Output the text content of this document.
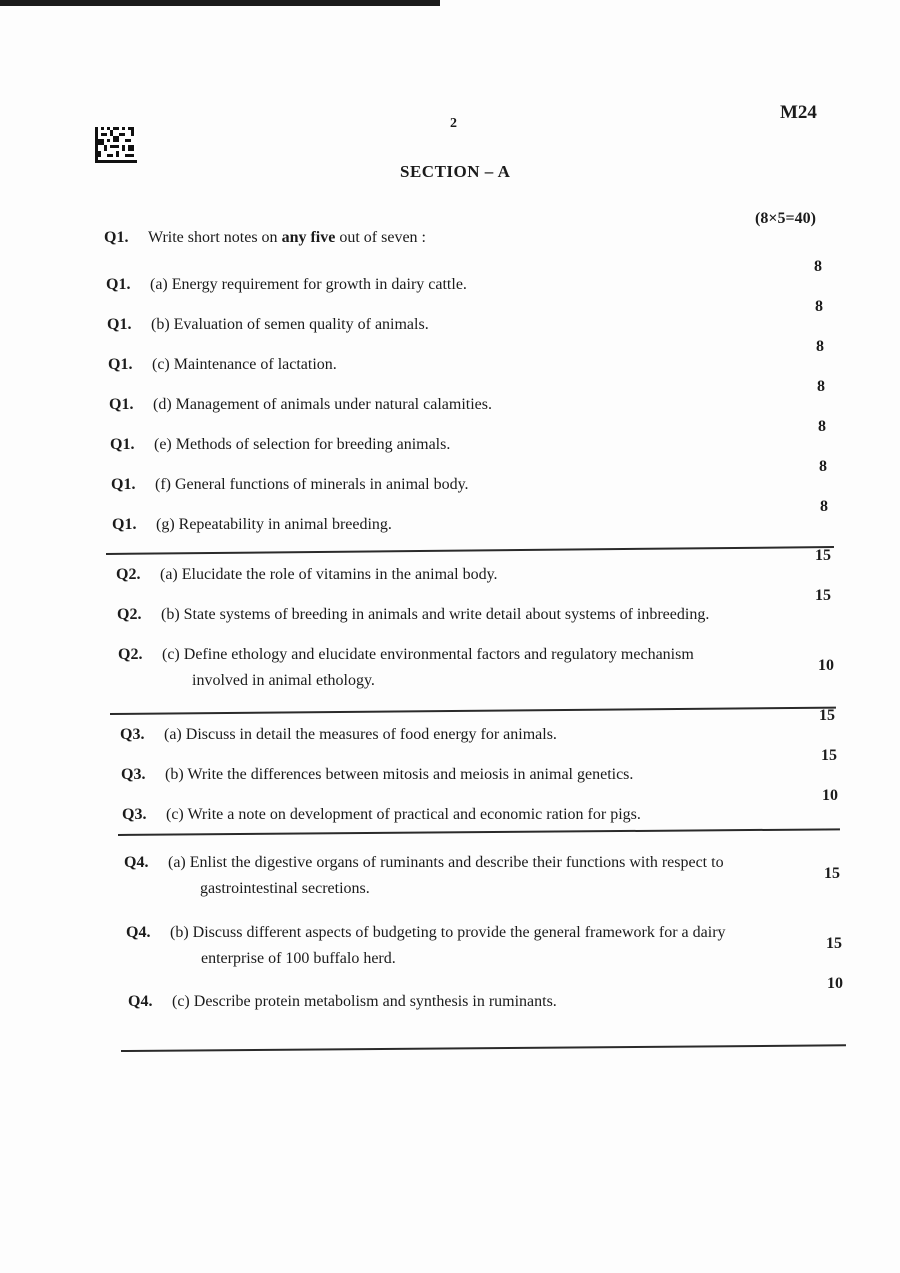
2
M24
SECTION – A
Q1. Write short notes on any five out of seven :
(8×5=40)
Q1. (a) Energy requirement for growth in dairy cattle.
8
Q1. (b) Evaluation of semen quality of animals.
8
Q1. (c) Maintenance of lactation.
8
Q1. (d) Management of animals under natural calamities.
8
Q1. (e) Methods of selection for breeding animals.
8
Q1. (f) General functions of minerals in animal body.
8
Q1. (g) Repeatability in animal breeding.
8
Q2. (a) Elucidate the role of vitamins in the animal body.
15
Q2. (b) State systems of breeding in animals and write detail about systems of inbreeding.
15
Q2. (c) Define ethology and elucidate environmental factors and regulatory mechanism
involved in animal ethology.
10
Q3. (a) Discuss in detail the measures of food energy for animals.
15
Q3. (b) Write the differences between mitosis and meiosis in animal genetics.
15
Q3. (c) Write a note on development of practical and economic ration for pigs.
10
Q4. (a) Enlist the digestive organs of ruminants and describe their functions with respect to
gastrointestinal secretions.
15
Q4. (b) Discuss different aspects of budgeting to provide the general framework for a dairy
enterprise of 100 buffalo herd.
15
Q4. (c) Describe protein metabolism and synthesis in ruminants.
10
